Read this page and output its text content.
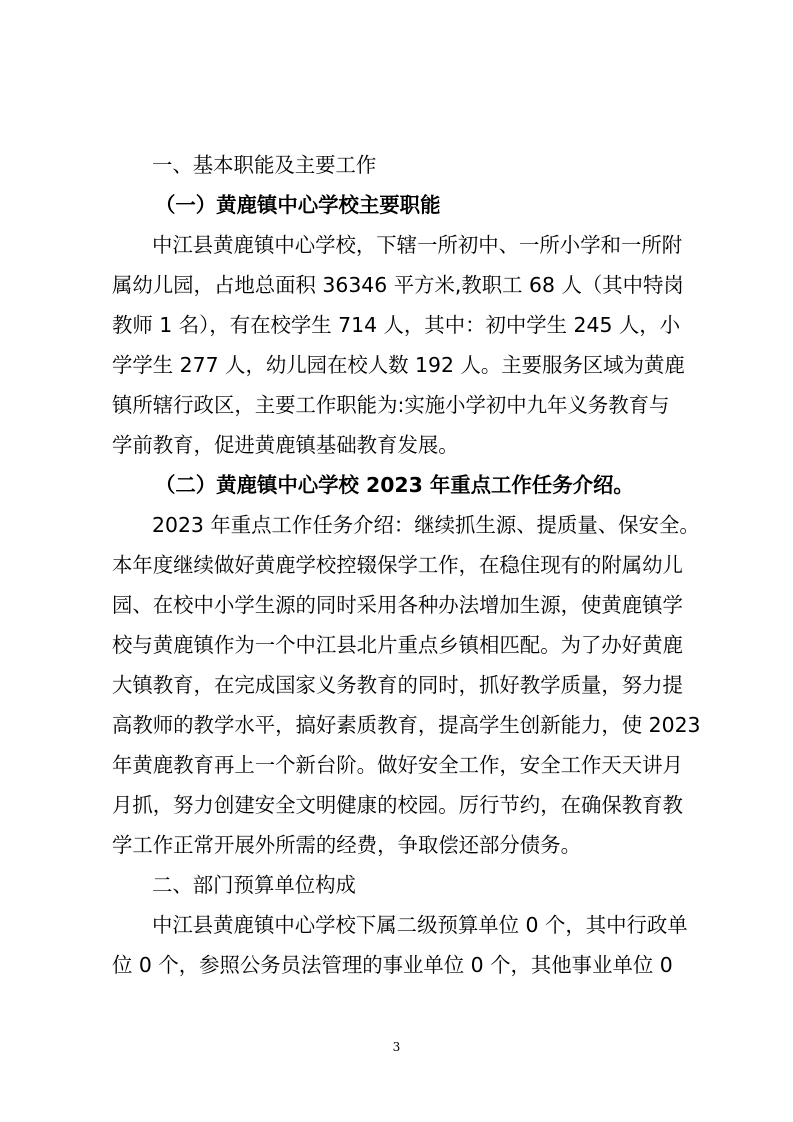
一、基本职能及主要工作
（一）黄鹿镇中心学校主要职能
中江县黄鹿镇中心学校，下辖一所初中、一所小学和一所附
属幼儿园，占地总面积 36346 平方米,教职工 68 人（其中特岗
教师 1 名），有在校学生 714 人，其中：初中学生 245 人，小
学学生 277 人，幼儿园在校人数 192 人。主要服务区域为黄鹿
镇所辖行政区，主要工作职能为:实施小学初中九年义务教育与
学前教育，促进黄鹿镇基础教育发展。
（二）黄鹿镇中心学校 2023 年重点工作任务介绍。
2023 年重点工作任务介绍：继续抓生源、提质量、保安全。
本年度继续做好黄鹿学校控辍保学工作，在稳住现有的附属幼儿
园、在校中小学生源的同时采用各种办法增加生源，使黄鹿镇学
校与黄鹿镇作为一个中江县北片重点乡镇相匹配。为了办好黄鹿
大镇教育，在完成国家义务教育的同时，抓好教学质量，努力提
高教师的教学水平，搞好素质教育，提高学生创新能力，使 2023
年黄鹿教育再上一个新台阶。做好安全工作，安全工作天天讲月
月抓，努力创建安全文明健康的校园。厉行节约，在确保教育教
学工作正常开展外所需的经费，争取偿还部分债务。
二、部门预算单位构成
中江县黄鹿镇中心学校下属二级预算单位 0 个，其中行政单
位 0 个，参照公务员法管理的事业单位 0 个，其他事业单位 0
3
